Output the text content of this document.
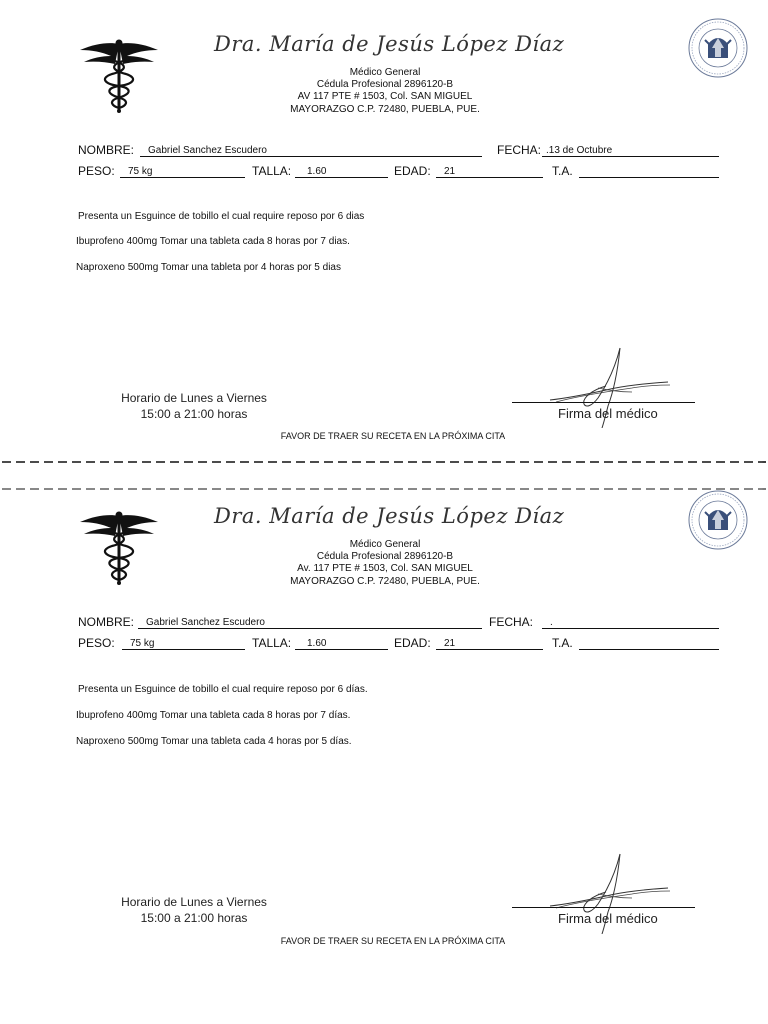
Dra. María de Jesús López Díaz
Médico General
Cédula Profesional 2896120-B
AV 117 PTE # 1503, Col. SAN MIGUEL
MAYORAZGO C.P. 72480, PUEBLA, PUE.
NOMBRE:	Gabriel Sanchez Escudero	FECHA: .13 de Octubre
PESO:	75 kg	TALLA:	1.60	EDAD:	21	T.A.
Presenta un Esguince de tobillo el cual require reposo por 6 dias
Ibuprofeno 400mg Tomar una tableta cada 8 horas por 7 dias.
Naproxeno 500mg Tomar una tableta por 4 horas por 5 dias
Horario de Lunes a Viernes
15:00 a 21:00 horas	Firma del médico
FAVOR DE TRAER SU RECETA EN LA PRÓXIMA CITA
Dra. María de Jesús López Díaz
Médico General
Cédula Profesional 2896120-B
Av. 117 PTE # 1503, Col. SAN MIGUEL
MAYORAZGO C.P. 72480, PUEBLA, PUE.
NOMBRE:	Gabriel Sanchez Escudero	FECHA:	.
PESO:	75 kg	TALLA:	1.60	EDAD:	21	T.A.
Presenta un Esguince de tobillo el cual require reposo por 6 días.
Ibuprofeno 400mg Tomar una tableta cada 8 horas por 7 días.
Naproxeno 500mg Tomar una tableta cada 4 horas por 5 días.
Horario de Lunes a Viernes
15:00 a 21:00 horas	Firma del médico
FAVOR DE TRAER SU RECETA EN LA PRÓXIMA CITA
